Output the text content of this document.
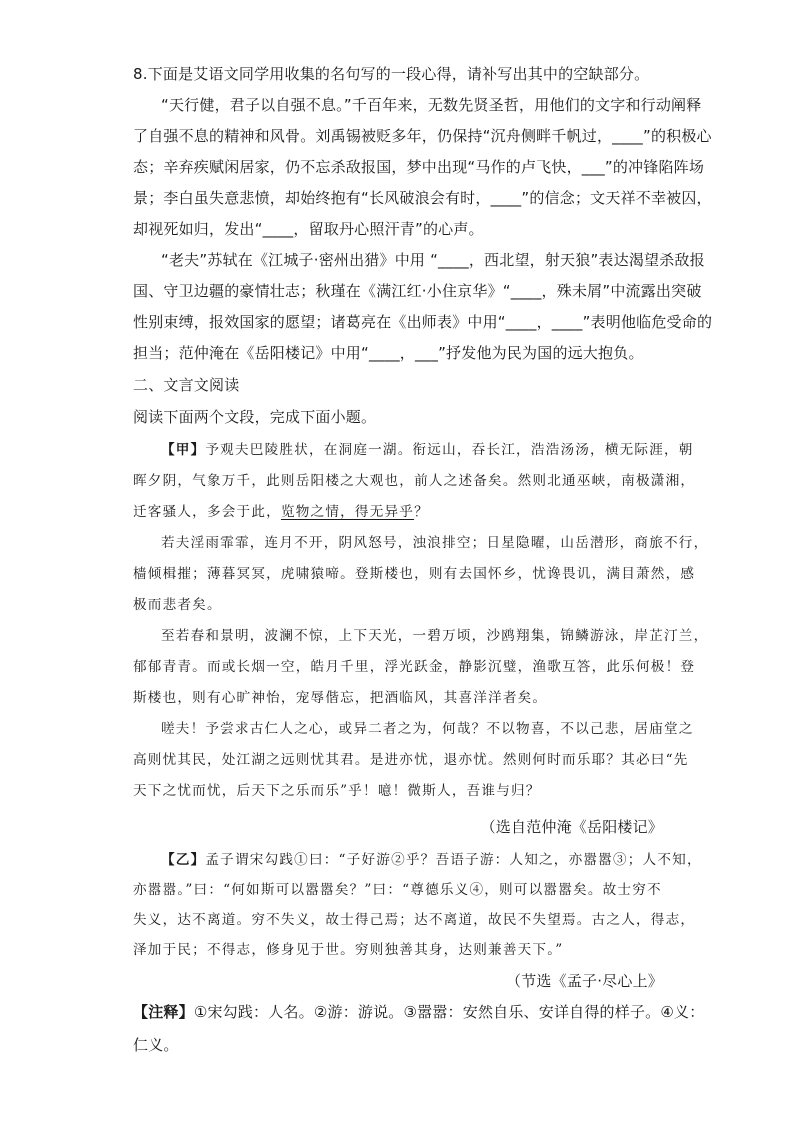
8.下面是艾语文同学用收集的名句写的一段心得，请补写出其中的空缺部分。
“天行健，君子以自强不息。”千百年来，无数先贤圣哲，用他们的文字和行动阐释
了自强不息的精神和风骨。刘禹锡被贬多年，仍保持“沉舟侧畔千帆过，____”的积极心
态；辛弃疾赋闲居家，仍不忘杀敌报国，梦中出现“马作的卢飞快，___”的冲锋陷阵场
景；李白虽失意悲愤，却始终抱有“长风破浪会有时，____”的信念；文天祥不幸被囚，
却视死如归，发出“____，留取丹心照汗青”的心声。
“老夫”苏轼在《江城子·密州出猎》中用 “____，西北望，射天狼”表达渴望杀敌报
国、守卫边疆的豪情壮志；秋瑾在《满江红·小住京华》“____，殊未屑”中流露出突破
性别束缚，报效国家的愿望；诸葛亮在《出师表》中用“____，____”表明他临危受命的
担当；范仲淹在《岳阳楼记》中用“____，___”抒发他为民为国的远大抱负。
二、文言文阅读
阅读下面两个文段，完成下面小题。
【甲】予观夫巴陵胜状，在洞庭一湖。衔远山，吞长江，浩浩汤汤，横无际涯，朝
晖夕阴，气象万千，此则岳阳楼之大观也，前人之述备矣。然则北通巫峡，南极潇湘，
迁客骚人，多会于此，览物之情，得无异乎？
若夫淫雨霏霏，连月不开，阴风怒号，浊浪排空；日星隐曜，山岳潜形，商旅不行，
樯倾楫摧；薄暮冥冥，虎啸猿啼。登斯楼也，则有去国怀乡，忧谗畏讥，满目萧然，感
极而悲者矣。
至若春和景明，波澜不惊，上下天光，一碧万顷，沙鸥翔集，锦鳞游泳，岸芷汀兰，
郁郁青青。而或长烟一空，皓月千里，浮光跃金，静影沉璧，渔歌互答，此乐何极！登
斯楼也，则有心旷神怡，宠辱偕忘，把酒临风，其喜洋洋者矣。
嗟夫！予尝求古仁人之心，或异二者之为，何哉？不以物喜，不以己悲，居庙堂之
高则忧其民，处江湖之远则忧其君。是进亦忧，退亦忧。然则何时而乐耶？其必曰“先
天下之忧而忧，后天下之乐而乐”乎！噫！微斯人，吾谁与归？
（选自范仲淹《岳阳楼记》
【乙】孟子谓宋勾践①曰：“子好游②乎？吾语子游：人知之，亦嚣嚣③；人不知，
亦嚣嚣。”曰：“何如斯可以嚣嚣矣？”曰：“尊德乐义④，则可以嚣嚣矣。故士穷不
失义，达不离道。穷不失义，故士得己焉；达不离道，故民不失望焉。古之人，得志，
泽加于民；不得志，修身见于世。穷则独善其身，达则兼善天下。”
（节选《孟子·尽心上》
【注释】①宋勾践：人名。②游：游说。③嚣嚣：安然自乐、安详自得的样子。④义：
仁义。
